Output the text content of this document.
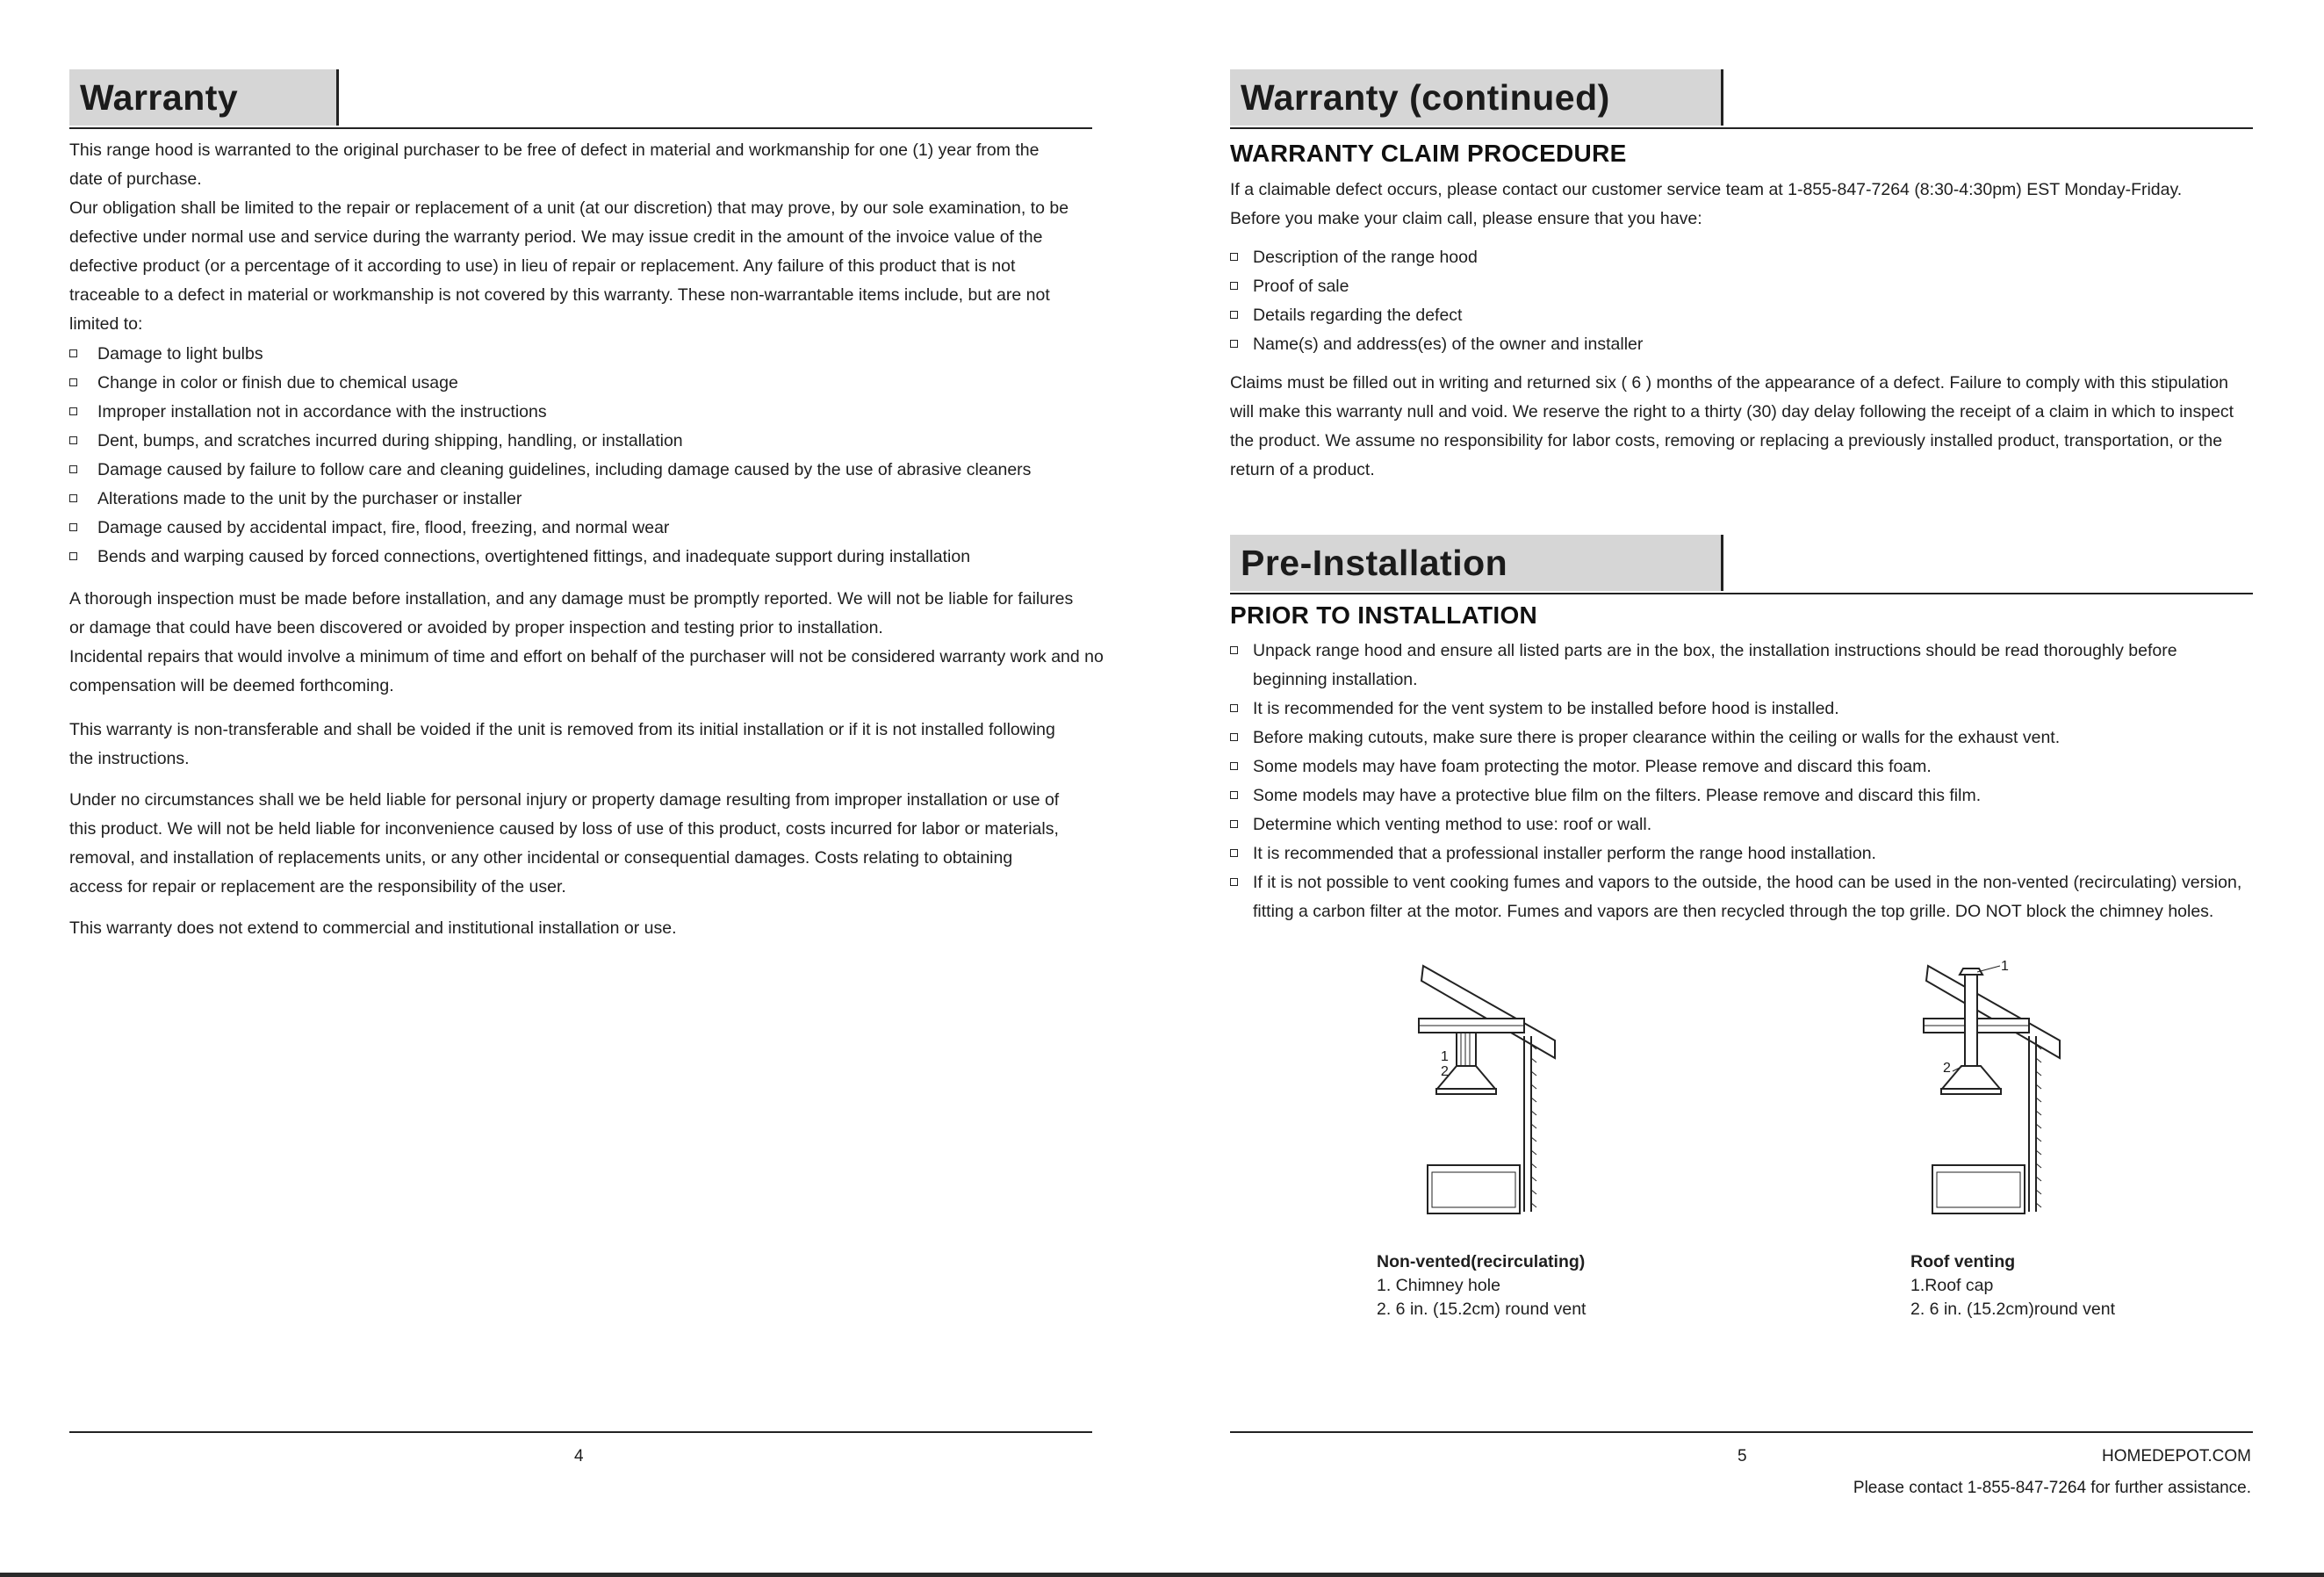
Warranty

This range hood is warranted to the original purchaser to be free of defect in material and workmanship for one (1) year from the

date of purchase.

Our obligation shall be limited to the repair or replacement of a unit (at our discretion) that may prove, by our sole examination, to be

defective under normal use and service during the warranty period. We may issue credit in the amount of the invoice value of the

defective product (or a percentage of it according to use) in lieu of repair or replacement. Any failure of this product that is not

traceable to a defect in material or workmanship is not covered by this warranty. These non-warrantable items include, but are not

limited to:

Damage to light bulbs
Change in color or finish due to chemical usage
Improper installation not in accordance with the instructions
Dent, bumps, and scratches incurred during shipping, handling, or installation
Damage caused by failure to follow care and cleaning guidelines, including damage caused by the use of abrasive cleaners
Alterations made to the unit by the purchaser or installer
Damage caused by accidental impact, fire, flood, freezing, and normal wear
Bends and warping caused by forced connections, overtightened fittings, and inadequate support during installation

A thorough inspection must be made before installation, and any damage must be promptly reported. We will not be liable for failures

or damage that could have been discovered or avoided by proper inspection and testing prior to installation.

Incidental repairs that would involve a minimum of time and effort on behalf of the purchaser will not be considered warranty work and no

compensation will be deemed forthcoming.

This warranty is non-transferable and shall be voided if the unit is removed from its initial installation or if it is not installed following

the instructions.

Under no circumstances shall we be held liable for personal injury or property damage resulting from improper installation or use of

this product. We will not be held liable for inconvenience caused by loss of use of this product, costs incurred for labor or materials,

removal, and installation of replacements units, or any other incidental or consequential damages. Costs relating to obtaining

access for repair or replacement are the responsibility of the user.

This warranty does not extend to commercial and institutional installation or use.

4
Warranty (continued)

WARRANTY CLAIM PROCEDURE

If a claimable defect occurs, please contact our customer service team at 1-855-847-7264 (8:30-4:30pm) EST Monday-Friday.

Before you make your claim call, please ensure that you have:

Description of the range hood
Proof of sale
Details regarding the defect
Name(s) and address(es) of the owner and installer

Claims must be filled out in writing and returned six ( 6 ) months of the appearance of a defect. Failure to comply with this stipulation

will make this warranty null and void. We reserve the right to a thirty (30) day delay following the receipt of a claim in which to inspect

the product. We assume no responsibility for labor costs, removing or replacing a previously installed product, transportation, or the

return of a product.

Pre-Installation

PRIOR TO INSTALLATION

Unpack range hood and ensure all listed parts are in the box, the installation instructions should be read thoroughly before
beginning installation.
It is recommended for the vent system to be installed before hood is installed.
Before making cutouts, make sure there is proper clearance within the ceiling or walls for the exhaust vent.
Some models may have foam protecting the motor. Please remove and discard this foam.
Some models may have a protective blue film on the filters. Please remove and discard this film.
Determine which venting method to use: roof or wall.
It is recommended that a professional installer perform the range hood installation.
If it is not possible to vent cooking fumes and vapors to the outside, the hood can be used in the non-vented (recirculating) version,
fitting a carbon filter at the motor. Fumes and vapors are then recycled through the top grille. DO NOT block the chimney holes.
1
2
1
2
Non-vented(recirculating)
1. Chimney hole
2. 6 in. (15.2cm) round vent
Roof venting
1.Roof cap
2. 6 in. (15.2cm)round vent
5	HOMEDEPOT.COM
Please contact 1-855-847-7264 for further assistance.
